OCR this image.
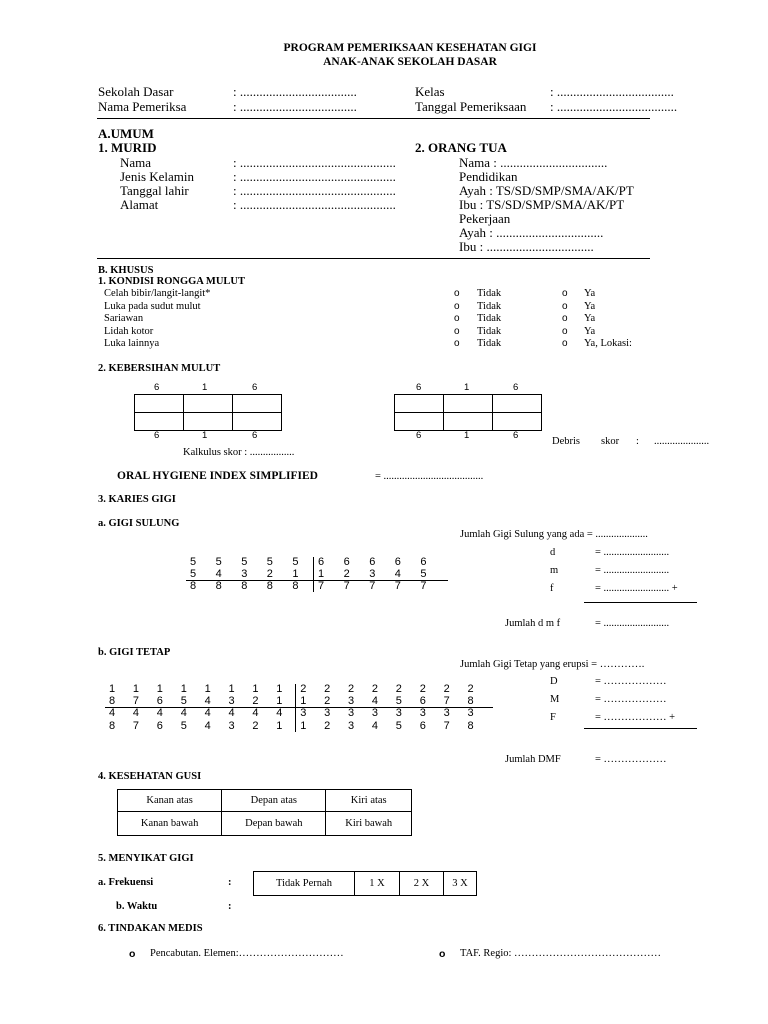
PROGRAM PEMERIKSAAN KESEHATAN GIGI
ANAK-ANAK SEKOLAH DASAR
Sekolah Dasar	: ....................................
Nama Pemeriksa	: ....................................
Kelas	: ....................................
Tanggal Pemeriksaan : .....................................
A.UMUM
1. MURID
Nama	: ................................................
Jenis Kelamin	: ................................................
Tanggal lahir	: ................................................
Alamat	: ................................................
2. ORANG TUA
Nama : .................................
Pendidikan
Ayah : TS/SD/SMP/SMA/AK/PT
Ibu : TS/SD/SMP/SMA/AK/PT
Pekerjaan
Ayah : .................................
Ibu : .................................
B. KHUSUS
1. KONDISI RONGGA MULUT
Celah bibir/langit-langit*	o Tidak	o Ya
Luka pada sudut mulut	o Tidak	o Ya
Sariawan	o Tidak	o Ya
Lidah kotor	o Tidak	o Ya
Luka lainnya	o Tidak	o Ya, Lokasi:
2. KEBERSIHAN MULUT
6	1	6

6	1	6
Kalkulus skor : .................
6	1	6

6	1	6
Debris skor : .....................
ORAL HYGIENE INDEX SIMPLIFIED	= ......................................
3. KARIES GIGI
a. GIGI SULUNG
Jumlah Gigi Sulung yang ada = ....................
d	= .........................
m	= .........................
f	= ......................... +
Jumlah d m f	= .........................
5	5	5	5	5	6	6	6	6	6
5	4	3	2	1	1	2	3	4	5
8	8	8	8	8	7	7	7	7	7
b. GIGI TETAP
Jumlah Gigi Tetap yang erupsi = ………….
D	= ………………
M	= ………………
F	= ……………… +
Jumlah DMF	= ………………
1	1	1	1	1	1	1	1	2	2	2	2	2	2	2	2
8	7	6	5	4	3	2	1	1	2	3	4	5	6	7	8
4	4	4	4	4	4	4	4	3	3	3	3	3	3	3	3
8	7	6	5	4	3	2	1	1	2	3	4	5	6	7	8
4. KESEHATAN GUSI
Kanan atas	Depan atas	Kiri atas
Kanan bawah	Depan bawah	Kiri bawah
5. MENYIKAT GIGI
a. Frekuensi	:	Tidak Pernah	1 X	2 X	3 X
b. Waktu	:
6. TINDAKAN MEDIS
o Pencabutan. Elemen:…………………………	o TAF. Regio: ……………………………………
